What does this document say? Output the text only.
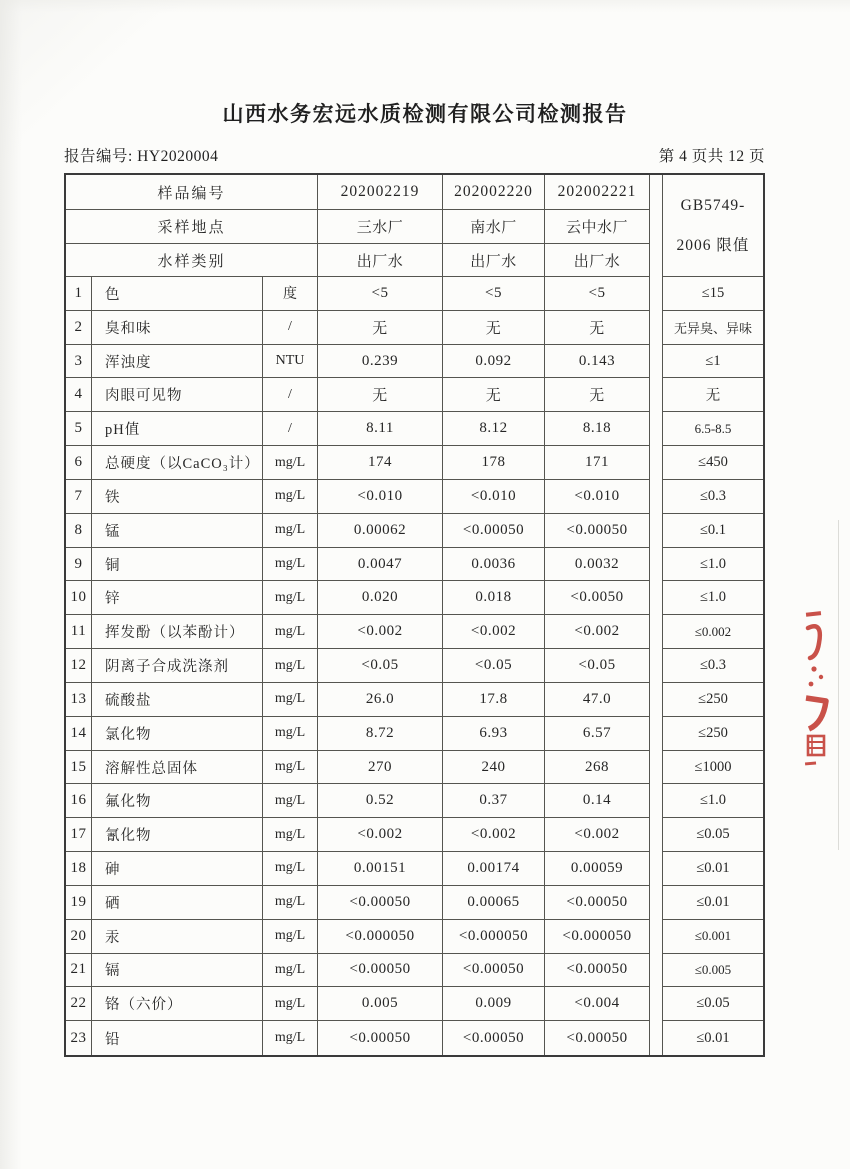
山西水务宏远水质检测有限公司检测报告
报告编号: HY2020004	第 4 页共 12 页
样品编号	202002219	202002220	202002221
采样地点	三水厂	南水厂	云中水厂
水样类别	出厂水	出厂水	出厂水
GB5749-
2006 限值
1	色	度	<5	<5	<5	≤15
2	臭和味	/	无	无	无	无异臭、异味
3	浑浊度	NTU	0.239	0.092	0.143	≤1
4	肉眼可见物	/	无	无	无	无
5	pH值	/	8.11	8.12	8.18	6.5-8.5
6	总硬度（以CaCO₃计）	mg/L	174	178	171	≤450
7	铁	mg/L	<0.010	<0.010	<0.010	≤0.3
8	锰	mg/L	0.00062	<0.00050	<0.00050	≤0.1
9	铜	mg/L	0.0047	0.0036	0.0032	≤1.0
10	锌	mg/L	0.020	0.018	<0.0050	≤1.0
11	挥发酚（以苯酚计）	mg/L	<0.002	<0.002	<0.002	≤0.002
12	阴离子合成洗涤剂	mg/L	<0.05	<0.05	<0.05	≤0.3
13	硫酸盐	mg/L	26.0	17.8	47.0	≤250
14	氯化物	mg/L	8.72	6.93	6.57	≤250
15	溶解性总固体	mg/L	270	240	268	≤1000
16	氟化物	mg/L	0.52	0.37	0.14	≤1.0
17	氰化物	mg/L	<0.002	<0.002	<0.002	≤0.05
18	砷	mg/L	0.00151	0.00174	0.00059	≤0.01
19	硒	mg/L	<0.00050	0.00065	<0.00050	≤0.01
20	汞	mg/L	<0.000050	<0.000050	<0.000050	≤0.001
21	镉	mg/L	<0.00050	<0.00050	<0.00050	≤0.005
22	铬（六价）	mg/L	0.005	0.009	<0.004	≤0.05
23	铅	mg/L	<0.00050	<0.00050	<0.00050	≤0.01
